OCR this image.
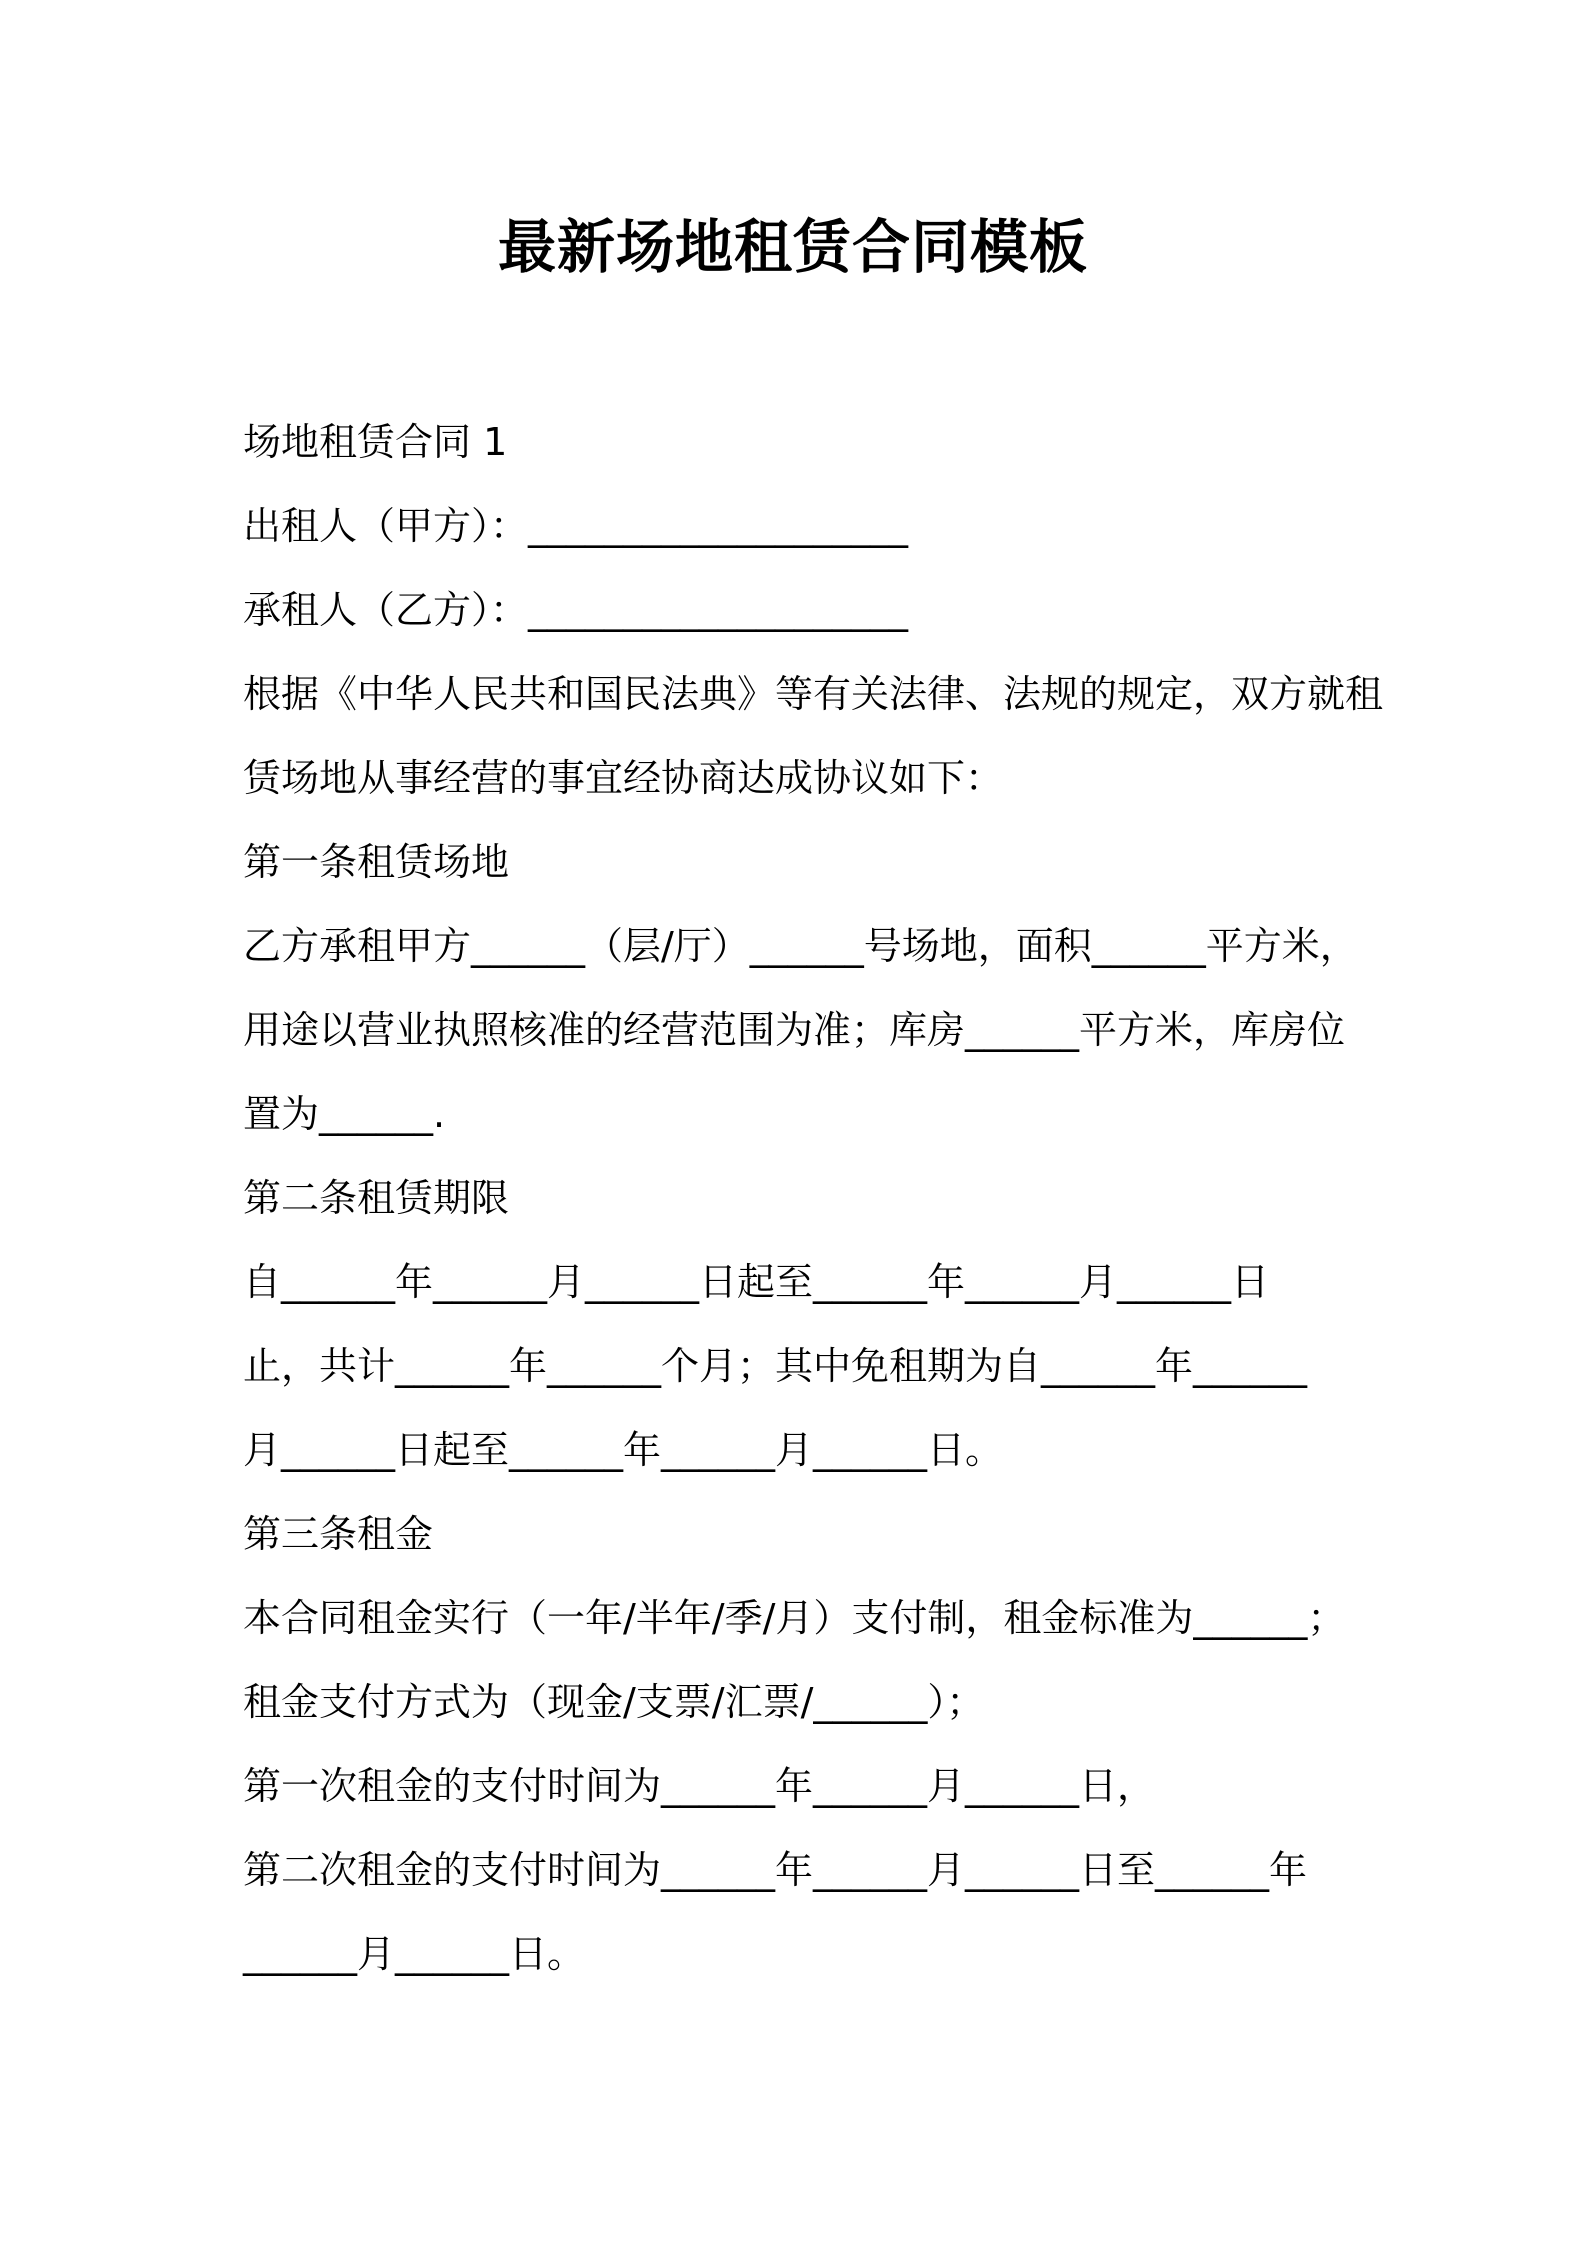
最新场地租赁合同模板

场地租赁合同 1

出租人（甲方）：____________________

承租人（乙方）：____________________

根据《中华人民共和国民法典》等有关法律、法规的规定，双方就租

赁场地从事经营的事宜经协商达成协议如下：

第一条租赁场地

乙方承租甲方______（层/厅）______号场地，面积______平方米，

用途以营业执照核准的经营范围为准；库房______平方米，库房位

置为______.

第二条租赁期限

自______年______月______日起至______年______月______日

止，共计______年______个月；其中免租期为自______年______

月______日起至______年______月______日。

第三条租金

本合同租金实行（一年/半年/季/月）支付制，租金标准为______；

租金支付方式为（现金/支票/汇票/______）；

第一次租金的支付时间为______年______月______日，

第二次租金的支付时间为______年______月______日至______年

______月______日。
